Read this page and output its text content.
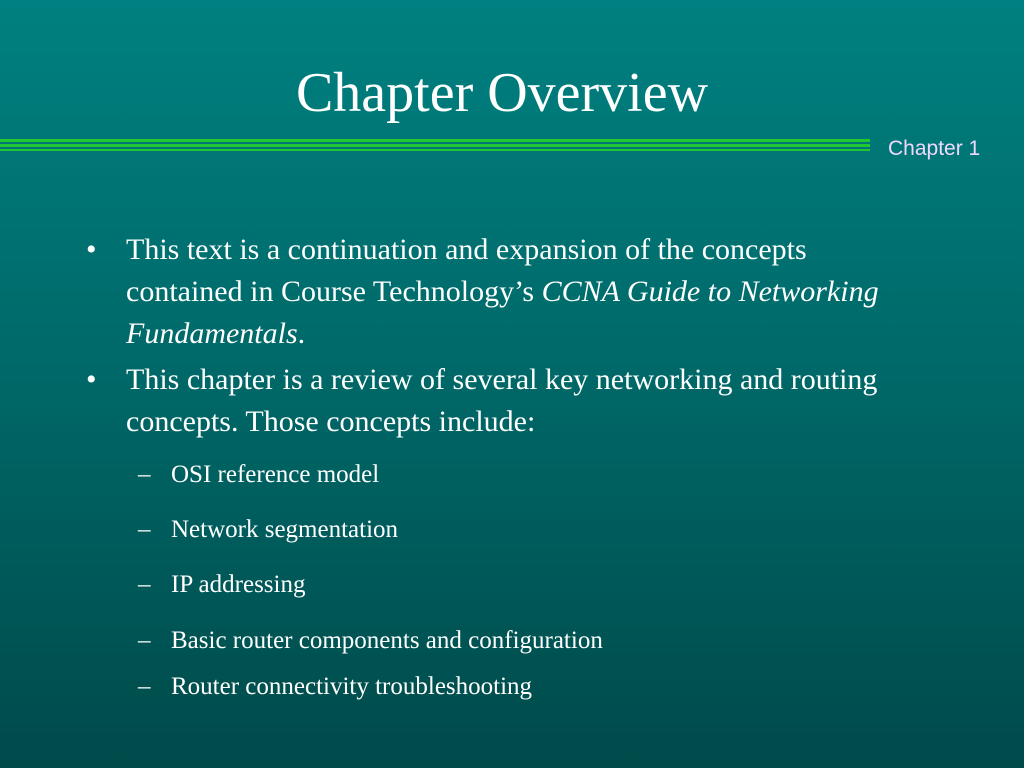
Chapter Overview
Chapter 1
• This text is a continuation and expansion of the concepts contained in Course Technology’s CCNA Guide to Networking Fundamentals.
• This chapter is a review of several key networking and routing concepts. Those concepts include:
– OSI reference model
– Network segmentation
– IP addressing
– Basic router components and configuration
– Router connectivity troubleshooting
